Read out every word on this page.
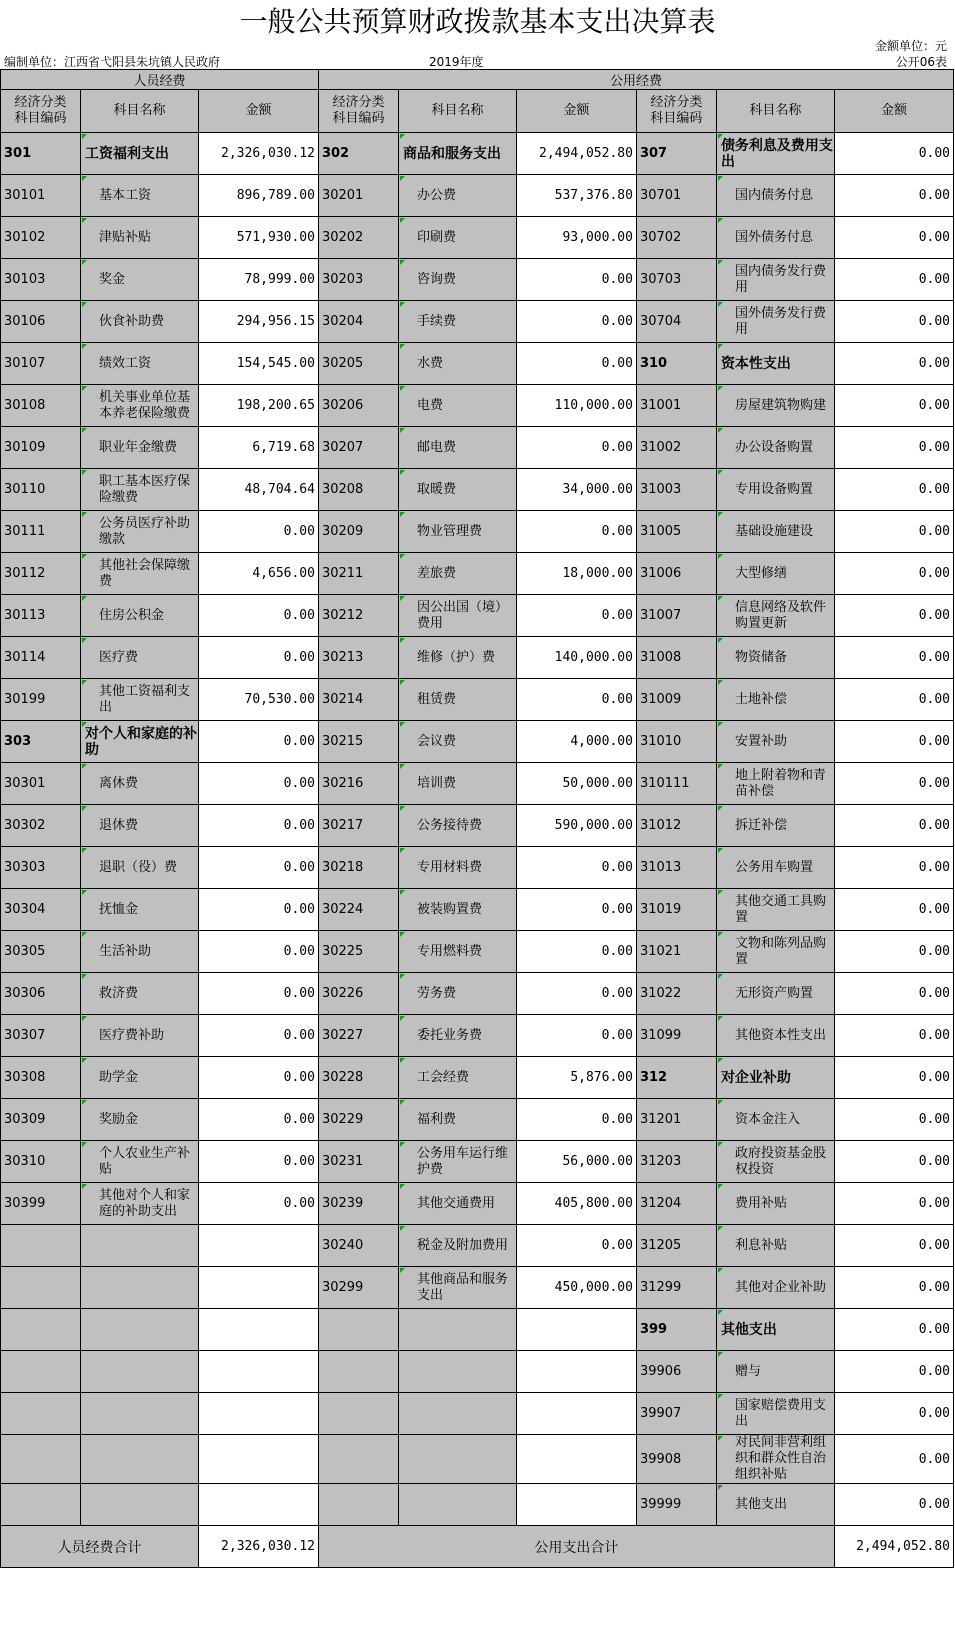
一般公共预算财政拨款基本支出决算表
金额单位：元
编制单位：江西省弋阳县朱坑镇人民政府	2019年度	公开06表
人员经费			公用经费					
经济分类
科目编码	科目名称	金额	经济分类
科目编码	科目名称	金额	经济分类
科目编码	科目名称	金额
301	工资福利支出	2,326,030.12	302	商品和服务支出	2,494,052.80	307	债务利息及费用支出	0.00
30101	基本工资	896,789.00	30201	办公费	537,376.80	30701	国内债务付息	0.00
30102	津贴补贴	571,930.00	30202	印刷费	93,000.00	30702	国外债务付息	0.00
30103	奖金	78,999.00	30203	咨询费	0.00	30703	国内债务发行费用	0.00
30106	伙食补助费	294,956.15	30204	手续费	0.00	30704	国外债务发行费用	0.00
30107	绩效工资	154,545.00	30205	水费	0.00	310	资本性支出	0.00
30108	机关事业单位基本养老保险缴费	198,200.65	30206	电费	110,000.00	31001	房屋建筑物购建	0.00
30109	职业年金缴费	6,719.68	30207	邮电费	0.00	31002	办公设备购置	0.00
30110	职工基本医疗保险缴费	48,704.64	30208	取暖费	34,000.00	31003	专用设备购置	0.00
30111	公务员医疗补助缴款	0.00	30209	物业管理费	0.00	31005	基础设施建设	0.00
30112	其他社会保障缴费	4,656.00	30211	差旅费	18,000.00	31006	大型修缮	0.00
30113	住房公积金	0.00	30212	因公出国（境）费用	0.00	31007	信息网络及软件购置更新	0.00
30114	医疗费	0.00	30213	维修（护）费	140,000.00	31008	物资储备	0.00
30199	其他工资福利支出	70,530.00	30214	租赁费	0.00	31009	土地补偿	0.00
303	对个人和家庭的补助	0.00	30215	会议费	4,000.00	31010	安置补助	0.00
30301	离休费	0.00	30216	培训费	50,000.00	310111	地上附着物和青苗补偿	0.00
30302	退休费	0.00	30217	公务接待费	590,000.00	31012	拆迁补偿	0.00
30303	退职（役）费	0.00	30218	专用材料费	0.00	31013	公务用车购置	0.00
30304	抚恤金	0.00	30224	被装购置费	0.00	31019	其他交通工具购置	0.00
30305	生活补助	0.00	30225	专用燃料费	0.00	31021	文物和陈列品购置	0.00
30306	救济费	0.00	30226	劳务费	0.00	31022	无形资产购置	0.00
30307	医疗费补助	0.00	30227	委托业务费	0.00	31099	其他资本性支出	0.00
30308	助学金	0.00	30228	工会经费	5,876.00	312	对企业补助	0.00
30309	奖励金	0.00	30229	福利费	0.00	31201	资本金注入	0.00
30310	个人农业生产补贴	0.00	30231	公务用车运行维护费	56,000.00	31203	政府投资基金股权投资	0.00
30399	其他对个人和家庭的补助支出	0.00	30239	其他交通费用	405,800.00	31204	费用补贴	0.00
			30240	税金及附加费用	0.00	31205	利息补贴	0.00
			30299	其他商品和服务支出	450,000.00	31299	其他对企业补助	0.00
						399	其他支出	0.00
						39906	赠与	0.00
						39907	国家赔偿费用支出	0.00
						39908	对民间非营利组织和群众性自治组织补贴	0.00
						39999	其他支出	0.00
人员经费合计		2,326,030.12	公用支出合计					2,494,052.80
